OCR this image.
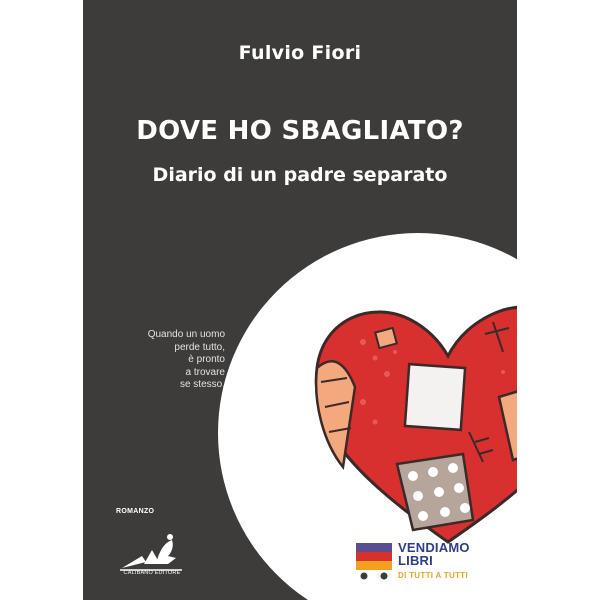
Fulvio Fiori
DOVE HO SBAGLIATO?
Diario di un padre separato
Quando un uomo
perde tutto,
è pronto
a trovare
se stesso.
ROMANZO
CALIBANO EDITORE
VENDIAMO
LIBRI
DI TUTTI A TUTTI
